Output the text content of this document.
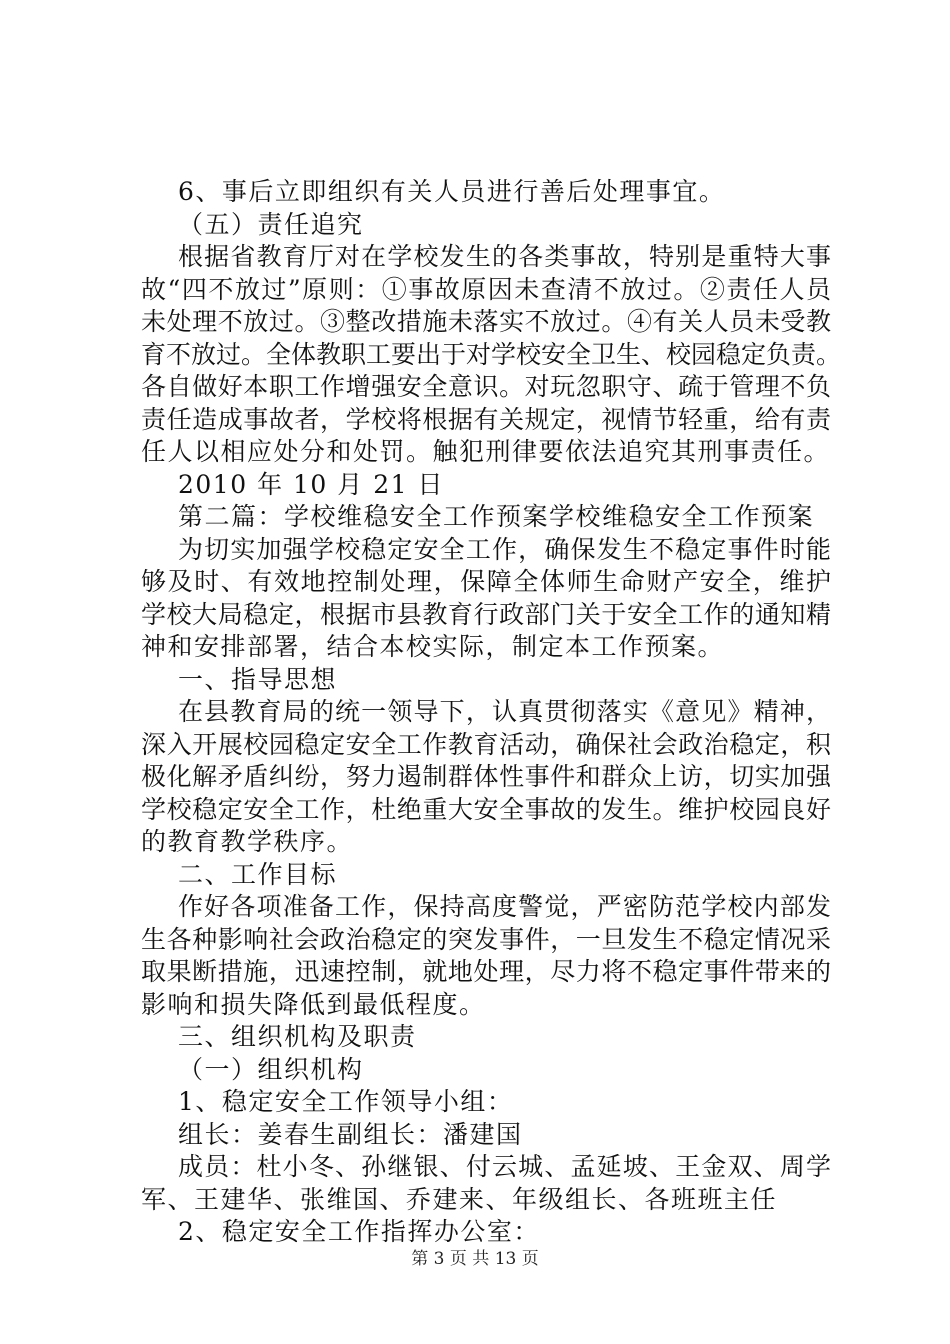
6、事后立即组织有关人员进行善后处理事宜。
（五）责任追究
根据省教育厅对在学校发生的各类事故，特别是重特大事
故“四不放过”原则：①事故原因未查清不放过。②责任人员
未处理不放过。③整改措施未落实不放过。④有关人员未受教
育不放过。全体教职工要出于对学校安全卫生、校园稳定负责。
各自做好本职工作增强安全意识。对玩忽职守、疏于管理不负
责任造成事故者，学校将根据有关规定，视情节轻重，给有责
任人以相应处分和处罚。触犯刑律要依法追究其刑事责任。
2010 年 10 月 21 日
第二篇：学校维稳安全工作预案学校维稳安全工作预案
为切实加强学校稳定安全工作，确保发生不稳定事件时能
够及时、有效地控制处理，保障全体师生命财产安全，维护
学校大局稳定，根据市县教育行政部门关于安全工作的通知精
神和安排部署，结合本校实际，制定本工作预案。
一、指导思想
在县教育局的统一领导下，认真贯彻落实《意见》精神，
深入开展校园稳定安全工作教育活动，确保社会政治稳定，积
极化解矛盾纠纷，努力遏制群体性事件和群众上访，切实加强
学校稳定安全工作，杜绝重大安全事故的发生。维护校园良好
的教育教学秩序。
二、工作目标
作好各项准备工作，保持高度警觉，严密防范学校内部发
生各种影响社会政治稳定的突发事件，一旦发生不稳定情况采
取果断措施，迅速控制，就地处理，尽力将不稳定事件带来的
影响和损失降低到最低程度。
三、组织机构及职责
（一）组织机构
1、稳定安全工作领导小组：
组长：姜春生副组长：潘建国
成员：杜小冬、孙继银、付云城、孟延坡、王金双、周学
军、王建华、张维国、乔建来、年级组长、各班班主任
2、稳定安全工作指挥办公室：
第 3 页 共 13 页
